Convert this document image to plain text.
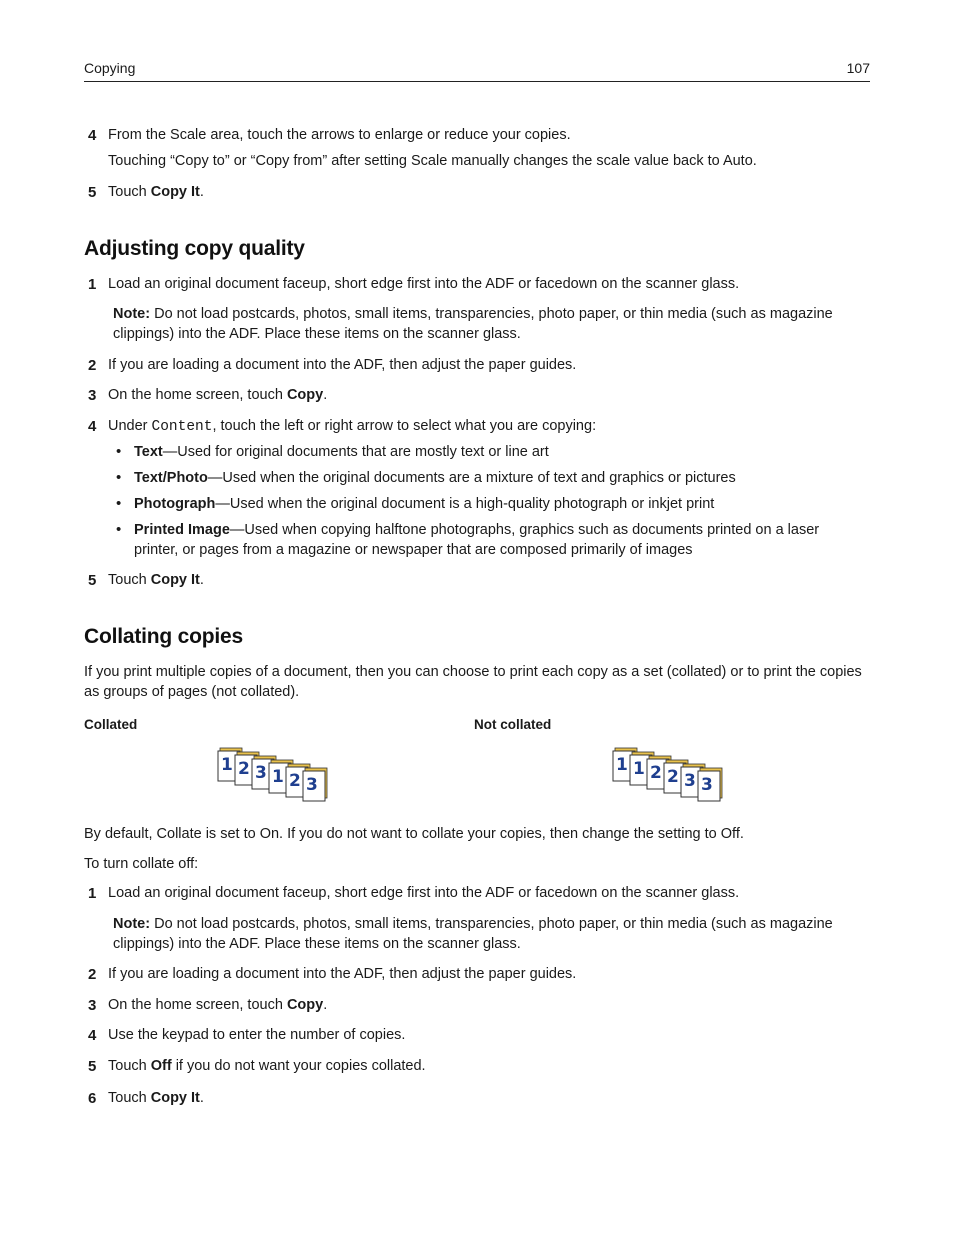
Copying	107
4 From the Scale area, touch the arrows to enlarge or reduce your copies.
Touching “Copy to” or “Copy from” after setting Scale manually changes the scale value back to Auto.
5 Touch Copy It.
Adjusting copy quality
1 Load an original document faceup, short edge first into the ADF or facedown on the scanner glass.
Note: Do not load postcards, photos, small items, transparencies, photo paper, or thin media (such as magazine clippings) into the ADF. Place these items on the scanner glass.
2 If you are loading a document into the ADF, then adjust the paper guides.
3 On the home screen, touch Copy.
4 Under Content, touch the left or right arrow to select what you are copying:
• Text—Used for original documents that are mostly text or line art
• Text/Photo—Used when the original documents are a mixture of text and graphics or pictures
• Photograph—Used when the original document is a high‑quality photograph or inkjet print
• Printed Image—Used when copying halftone photographs, graphics such as documents printed on a laser printer, or pages from a magazine or newspaper that are composed primarily of images
5 Touch Copy It.
Collating copies
If you print multiple copies of a document, then you can choose to print each copy as a set (collated) or to print the copies as groups of pages (not collated).
Collated	Not collated
1 2 3 1 2 3
1 1 2 2 3 3
By default, Collate is set to On. If you do not want to collate your copies, then change the setting to Off.
To turn collate off:
1 Load an original document faceup, short edge first into the ADF or facedown on the scanner glass.
Note: Do not load postcards, photos, small items, transparencies, photo paper, or thin media (such as magazine clippings) into the ADF. Place these items on the scanner glass.
2 If you are loading a document into the ADF, then adjust the paper guides.
3 On the home screen, touch Copy.
4 Use the keypad to enter the number of copies.
5 Touch Off if you do not want your copies collated.
6 Touch Copy It.
